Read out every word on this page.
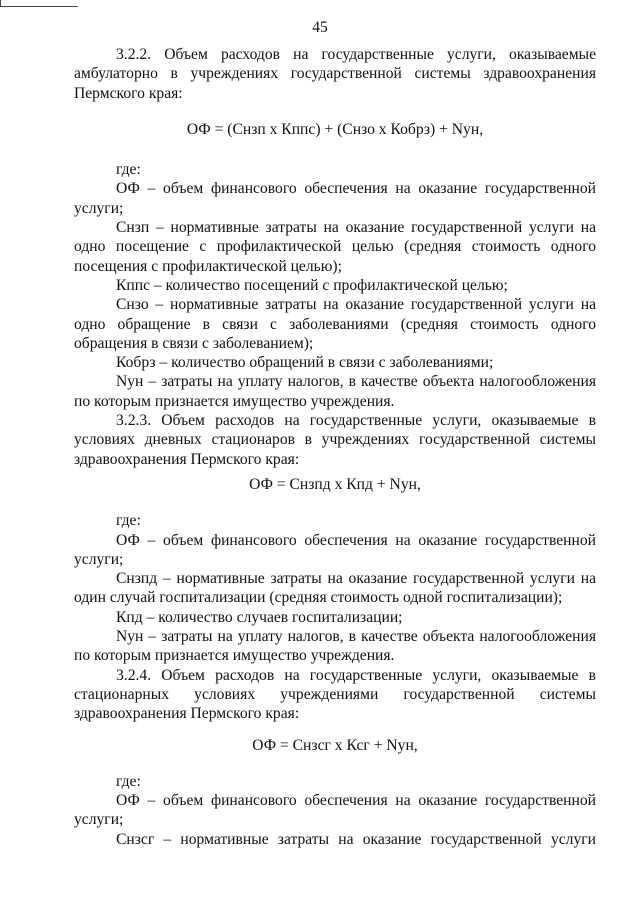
45

3.2.2. Объем расходов на государственные услуги, оказываемые амбулаторно в учреждениях государственной системы здравоохранения Пермского края:

ОФ = (Снзп х Кппс) + (Снзо х Кобрз) + Nун,

где:

ОФ – объем финансового обеспечения на оказание государственной услуги;

Снзп – нормативные затраты на оказание государственной услуги на одно посещение с профилактической целью (средняя стоимость одного посещения с профилактической целью);

Кппс – количество посещений с профилактической целью;

Снзо – нормативные затраты на оказание государственной услуги на одно обращение в связи с заболеваниями (средняя стоимость одного обращения в связи с заболеванием);

Кобрз – количество обращений в связи с заболеваниями;

Nун – затраты на уплату налогов, в качестве объекта налогообложения по которым признается имущество учреждения.

3.2.3. Объем расходов на государственные услуги, оказываемые в условиях дневных стационаров в учреждениях государственной системы здравоохранения Пермского края:

ОФ = Снзпд х Кпд + Nун,

где:

ОФ – объем финансового обеспечения на оказание государственной услуги;

Снзпд – нормативные затраты на оказание государственной услуги на один случай госпитализации (средняя стоимость одной госпитализации);

Кпд – количество случаев госпитализации;

Nун – затраты на уплату налогов, в качестве объекта налогообложения по которым признается имущество учреждения.

3.2.4. Объем расходов на государственные услуги, оказываемые в стационарных условиях учреждениями государственной системы здравоохранения Пермского края:

ОФ = Снзсг х Ксг + Nун,

где:

ОФ – объем финансового обеспечения на оказание государственной услуги;

Снзсг – нормативные затраты на оказание государственной услуги
